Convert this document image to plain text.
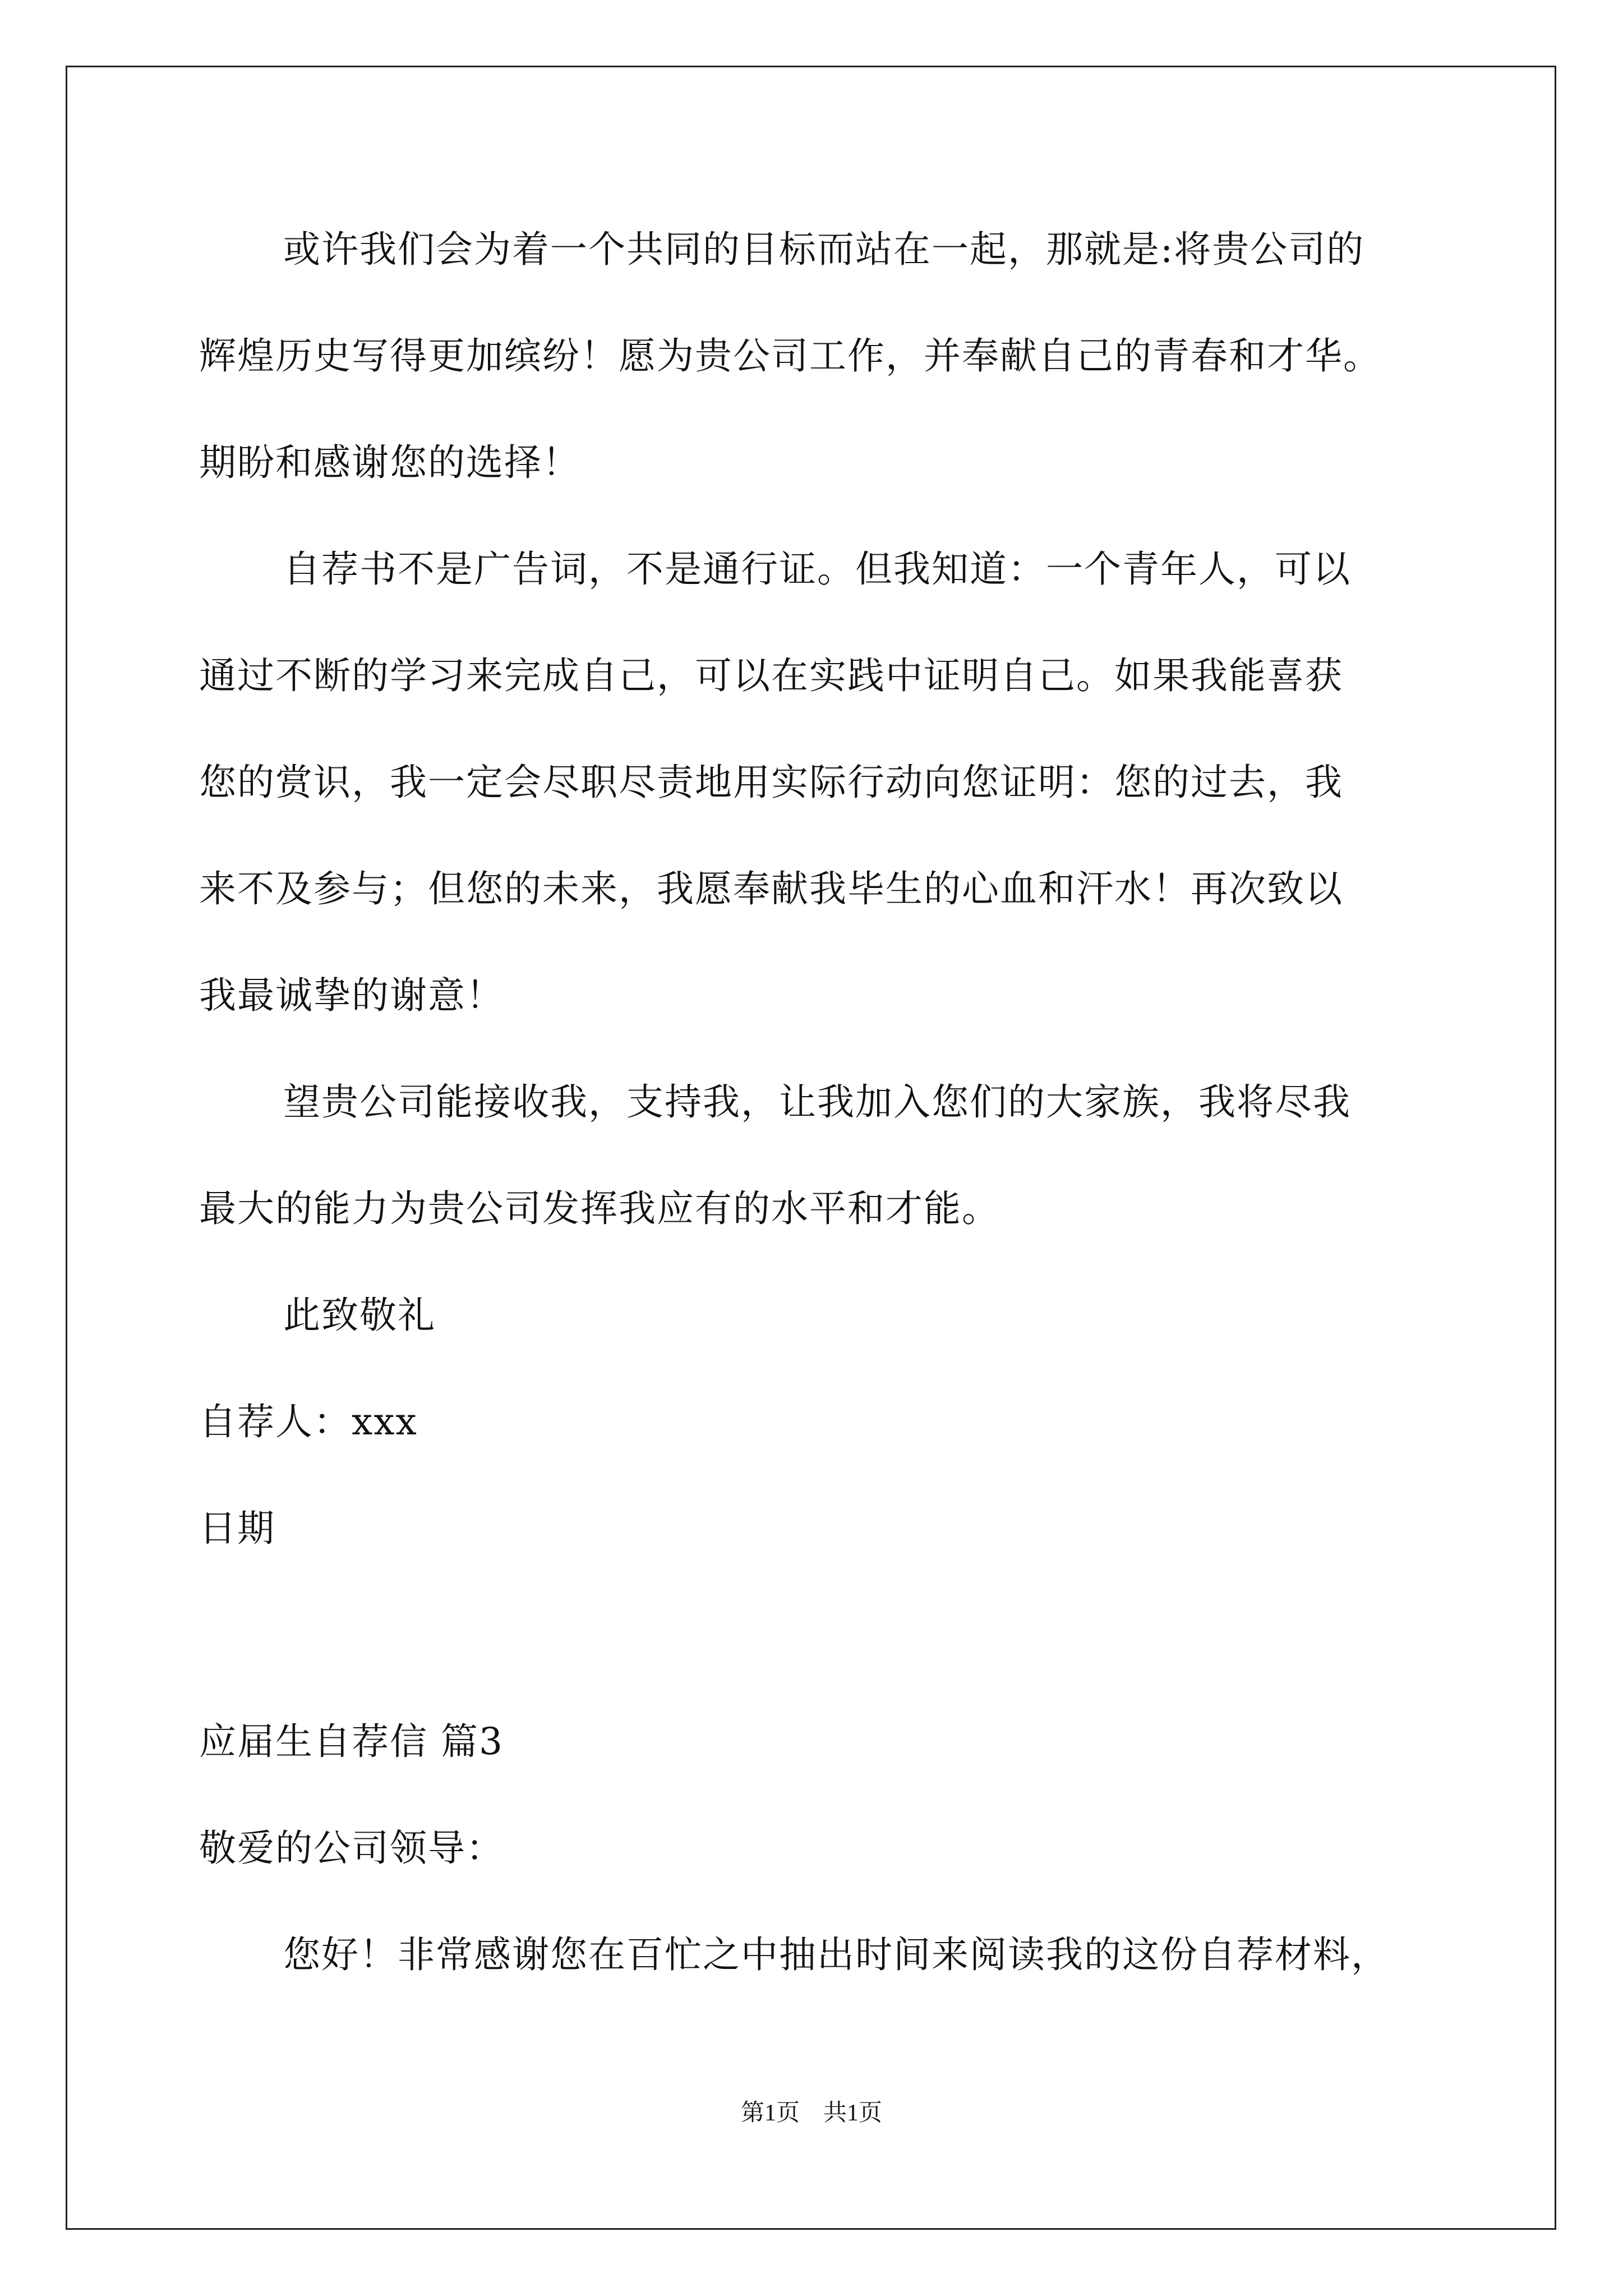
或许我们会为着一个共同的目标而站在一起，那就是:将贵公司的
辉煌历史写得更加缤纷！愿为贵公司工作，并奉献自己的青春和才华。
期盼和感谢您的选择！
自荐书不是广告词，不是通行证。但我知道：一个青年人，可以
通过不断的学习来完成自己，可以在实践中证明自己。如果我能喜获
您的赏识，我一定会尽职尽责地用实际行动向您证明：您的过去，我
来不及参与；但您的未来，我愿奉献我毕生的心血和汗水！再次致以
我最诚挚的谢意！
望贵公司能接收我，支持我，让我加入您们的大家族，我将尽我
最大的能力为贵公司发挥我应有的水平和才能。
此致敬礼
自荐人：xxx
日期
应届生自荐信 篇3
敬爱的公司领导：
您好！非常感谢您在百忙之中抽出时间来阅读我的这份自荐材料，
第1页　共1页
